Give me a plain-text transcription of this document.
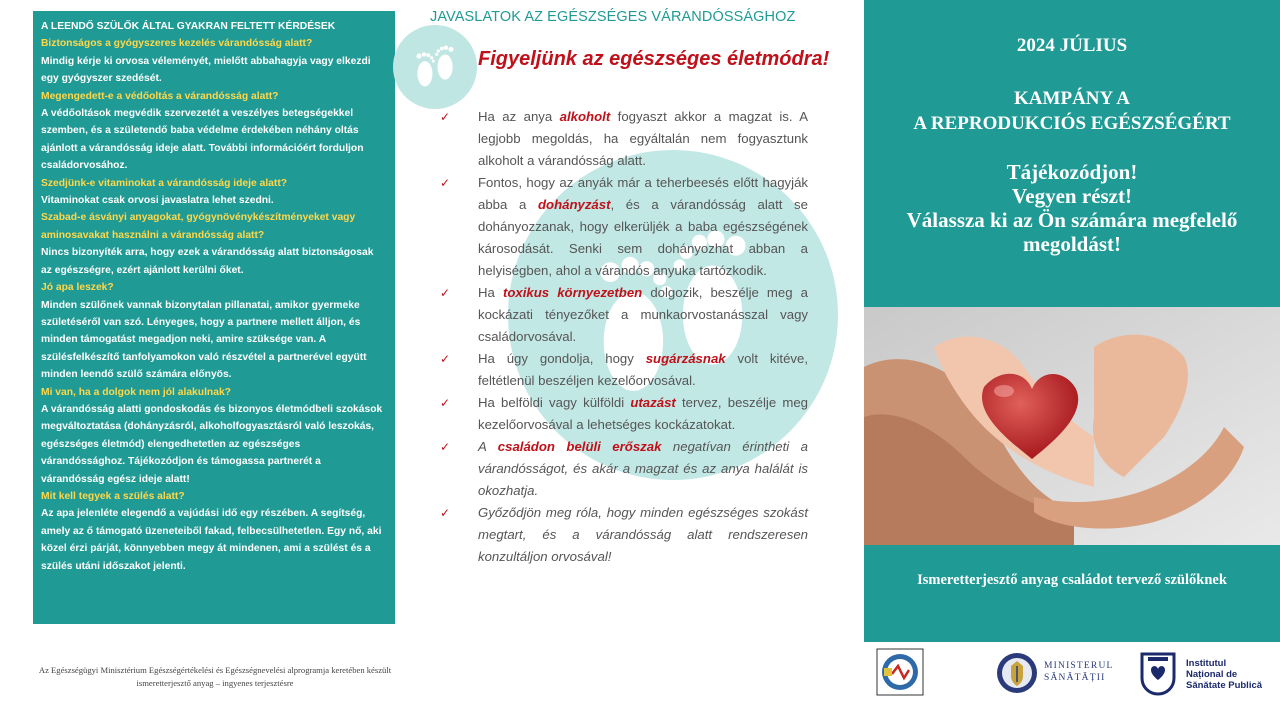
A LEENDŐ SZÜLŐK ÁLTAL GYAKRAN FELTETT KÉRDÉSEK
Biztonságos a gyógyszeres kezelés várandósság alatt?
Mindig kérje ki orvosa véleményét, mielőtt abbahagyja vagy elkezdi egy gyógyszer szedését.
Megengedett-e a védőoltás a várandósság alatt?
A védőoltások megvédik szervezetét a veszélyes betegségekkel szemben, és a születendő baba védelme érdekében néhány oltás ajánlott a várandósság ideje alatt. További információért forduljon családorvosához.
Szedjünk-e vitaminokat a várandósság ideje alatt?
Vitaminokat csak orvosi javaslatra lehet szedni.
Szabad-e ásványi anyagokat, gyógynövénykészítményeket vagy aminosavakat használni a várandósság alatt?
Nincs bizonyíték arra, hogy ezek a várandósság alatt biztonságosak az egészségre, ezért ajánlott kerülni őket.
Jó apa leszek?
Minden szülőnek vannak bizonytalan pillanatai, amikor gyermeke születéséről van szó. Lényeges, hogy a partnere mellett álljon, és minden támogatást megadjon neki, amire szüksége van. A szülésfelkészítő tanfolyamokon való részvétel a partnerével együtt minden leendő szülő számára előnyös.
Mi van, ha a dolgok nem jól alakulnak?
A várandósság alatti gondoskodás és bizonyos életmódbeli szokások megváltoztatása (dohányzásról, alkoholfogyasztásról való leszokás, egészséges életmód) elengedhetetlen az egészséges várandóssághoz. Tájékozódjon és támogassa partnerét a várandósság egész ideje alatt!
Mit kell tegyek a szülés alatt?
Az apa jelenléte elegendő a vajúdási idő egy részében. A segítség, amely az ő támogató üzeneteiből fakad, felbecsülhetetlen. Egy nő, aki közel érzi párját, könnyebben megy át mindenen, ami a szülést és a szülés utáni időszakot jelenti.
Az Egészségügyi Minisztérium Egészségértékelési és Egészségnevelési alprogramja keretében készült ismeretterjesztő anyag – ingyenes terjesztésre
JAVASLATOK AZ EGÉSZSÉGES VÁRANDÓSSÁGHOZ
Figyeljünk az egészséges életmódra!
✓ Ha az anya alkoholt fogyaszt akkor a magzat is. A legjobb megoldás, ha egyáltalán nem fogyasztunk alkoholt a várandósság alatt.
✓ Fontos, hogy az anyák már a teherbeesés előtt hagyják abba a dohányzást, és a várandósság alatt se dohányozzanak, hogy elkerüljék a baba egészségének károsodását. Senki sem dohányozhat abban a helyiségben, ahol a várandós anyuka tartózkodik.
✓ Ha toxikus környezetben dolgozik, beszélje meg a kockázati tényezőket a munkaorvostanásszal vagy családorvosával.
✓ Ha úgy gondolja, hogy sugárzásnak volt kitéve, feltétlenül beszéljen kezelőorvosával.
✓ Ha belföldi vagy külföldi utazást tervez, beszélje meg kezelőorvosával a lehetséges kockázatokat.
✓ A családon belüli erőszak negatívan érintheti a várandósságot, és akár a magzat és az anya halálát is okozhatja.
✓ Győződjön meg róla, hogy minden egészséges szokást megtart, és a várandósság alatt rendszeresen konzultáljon orvosával!
2024 JÚLIUS
KAMPÁNY A
A REPRODUKCIÓS EGÉSZSÉGÉRT
Tájékozódjon!
Vegyen részt!
Válassza ki az Ön számára megfelelő
megoldást!
Ismeretterjesztő anyag családot tervező szülőknek
MINISTERUL
SĂNĂTĂȚII
Institutul
Național de
Sănătate Publică
